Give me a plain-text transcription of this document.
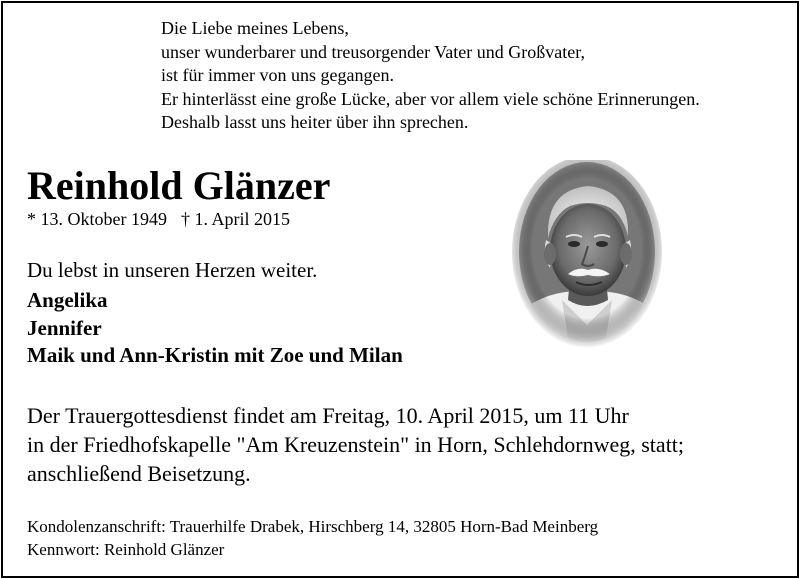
Die Liebe meines Lebens,
unser wunderbarer und treusorgender Vater und Großvater,
ist für immer von uns gegangen.
Er hinterlässt eine große Lücke, aber vor allem viele schöne Erinnerungen.
Deshalb lasst uns heiter über ihn sprechen.
Reinhold Glänzer
* 13. Oktober 1949 † 1. April 2015
Du lebst in unseren Herzen weiter.
Angelika
Jennifer
Maik und Ann-Kristin mit Zoe und Milan
Der Trauergottesdienst findet am Freitag, 10. April 2015, um 11 Uhr
in der Friedhofskapelle "Am Kreuzenstein" in Horn, Schlehdornweg, statt;
anschließend Beisetzung.
Kondolenzanschrift: Trauerhilfe Drabek, Hirschberg 14, 32805 Horn-Bad Meinberg
Kennwort: Reinhold Glänzer
